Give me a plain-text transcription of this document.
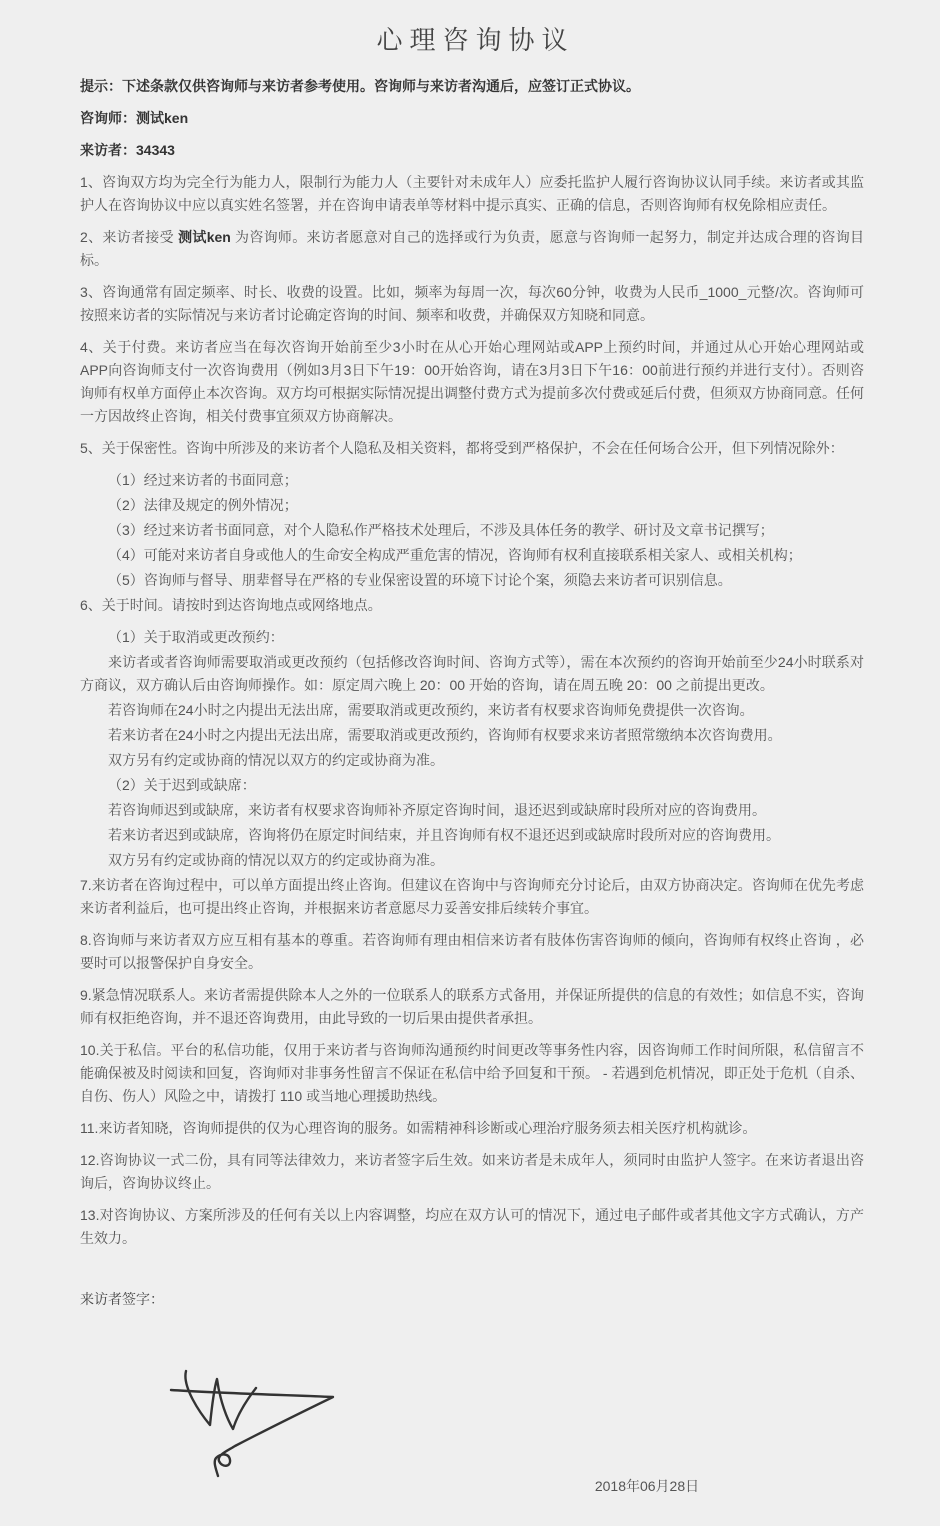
心理咨询协议

提示：下述条款仅供咨询师与来访者参考使用。咨询师与来访者沟通后，应签订正式协议。

咨询师：测试ken

来访者：34343

1、咨询双方均为完全行为能力人，限制行为能力人（主要针对未成年人）应委托监护人履行咨询协议认同手续。来访者或其监护人在咨询协议中应以真实姓名签署，并在咨询申请表单等材料中提示真实、正确的信息，否则咨询师有权免除相应责任。

2、来访者接受 测试ken 为咨询师。来访者愿意对自己的选择或行为负责，愿意与咨询师一起努力，制定并达成合理的咨询目标。

3、咨询通常有固定频率、时长、收费的设置。比如，频率为每周一次，每次60分钟，收费为人民币_1000_元整/次。咨询师可按照来访者的实际情况与来访者讨论确定咨询的时间、频率和收费，并确保双方知晓和同意。

4、关于付费。来访者应当在每次咨询开始前至少3小时在从心开始心理网站或APP上预约时间，并通过从心开始心理网站或APP向咨询师支付一次咨询费用（例如3月3日下午19：00开始咨询，请在3月3日下午16：00前进行预约并进行支付）。否则咨询师有权单方面停止本次咨询。双方均可根据实际情况提出调整付费方式为提前多次付费或延后付费，但须双方协商同意。任何一方因故终止咨询，相关付费事宜须双方协商解决。

5、关于保密性。咨询中所涉及的来访者个人隐私及相关资料，都将受到严格保护，不会在任何场合公开，但下列情况除外：

（1）经过来访者的书面同意；

（2）法律及规定的例外情况；

（3）经过来访者书面同意，对个人隐私作严格技术处理后，不涉及具体任务的教学、研讨及文章书记撰写；

（4）可能对来访者自身或他人的生命安全构成严重危害的情况，咨询师有权利直接联系相关家人、或相关机构；

（5）咨询师与督导、朋辈督导在严格的专业保密设置的环境下讨论个案，须隐去来访者可识别信息。

6、关于时间。请按时到达咨询地点或网络地点。

（1）关于取消或更改预约：

来访者或者咨询师需要取消或更改预约（包括修改咨询时间、咨询方式等），需在本次预约的咨询开始前至少24小时联系对方商议，双方确认后由咨询师操作。如：原定周六晚上 20：00 开始的咨询，请在周五晚 20：00 之前提出更改。

若咨询师在24小时之内提出无法出席，需要取消或更改预约，来访者有权要求咨询师免费提供一次咨询。

若来访者在24小时之内提出无法出席，需要取消或更改预约，咨询师有权要求来访者照常缴纳本次咨询费用。

双方另有约定或协商的情况以双方的约定或协商为准。

（2）关于迟到或缺席：

若咨询师迟到或缺席，来访者有权要求咨询师补齐原定咨询时间，退还迟到或缺席时段所对应的咨询费用。

若来访者迟到或缺席，咨询将仍在原定时间结束，并且咨询师有权不退还迟到或缺席时段所对应的咨询费用。

双方另有约定或协商的情况以双方的约定或协商为准。

7.来访者在咨询过程中，可以单方面提出终止咨询。但建议在咨询中与咨询师充分讨论后，由双方协商决定。咨询师在优先考虑来访者利益后，也可提出终止咨询，并根据来访者意愿尽力妥善安排后续转介事宜。

8.咨询师与来访者双方应互相有基本的尊重。若咨询师有理由相信来访者有肢体伤害咨询师的倾向，咨询师有权终止咨询 ，必要时可以报警保护自身安全。

9.紧急情况联系人。来访者需提供除本人之外的一位联系人的联系方式备用，并保证所提供的信息的有效性；如信息不实，咨询师有权拒绝咨询，并不退还咨询费用，由此导致的一切后果由提供者承担。

10.关于私信。平台的私信功能，仅用于来访者与咨询师沟通预约时间更改等事务性内容，因咨询师工作时间所限，私信留言不能确保被及时阅读和回复，咨询师对非事务性留言不保证在私信中给予回复和干预。 - 若遇到危机情况，即正处于危机（自杀、自伤、伤人）风险之中，请拨打 110 或当地心理援助热线。

11.来访者知晓，咨询师提供的仅为心理咨询的服务。如需精神科诊断或心理治疗服务须去相关医疗机构就诊。

12.咨询协议一式二份，具有同等法律效力，来访者签字后生效。如来访者是未成年人，须同时由监护人签字。在来访者退出咨询后，咨询协议终止。

13.对咨询协议、方案所涉及的任何有关以上内容调整，均应在双方认可的情况下，通过电子邮件或者其他文字方式确认，方产生效力。

来访者签字：

2018年06月28日
